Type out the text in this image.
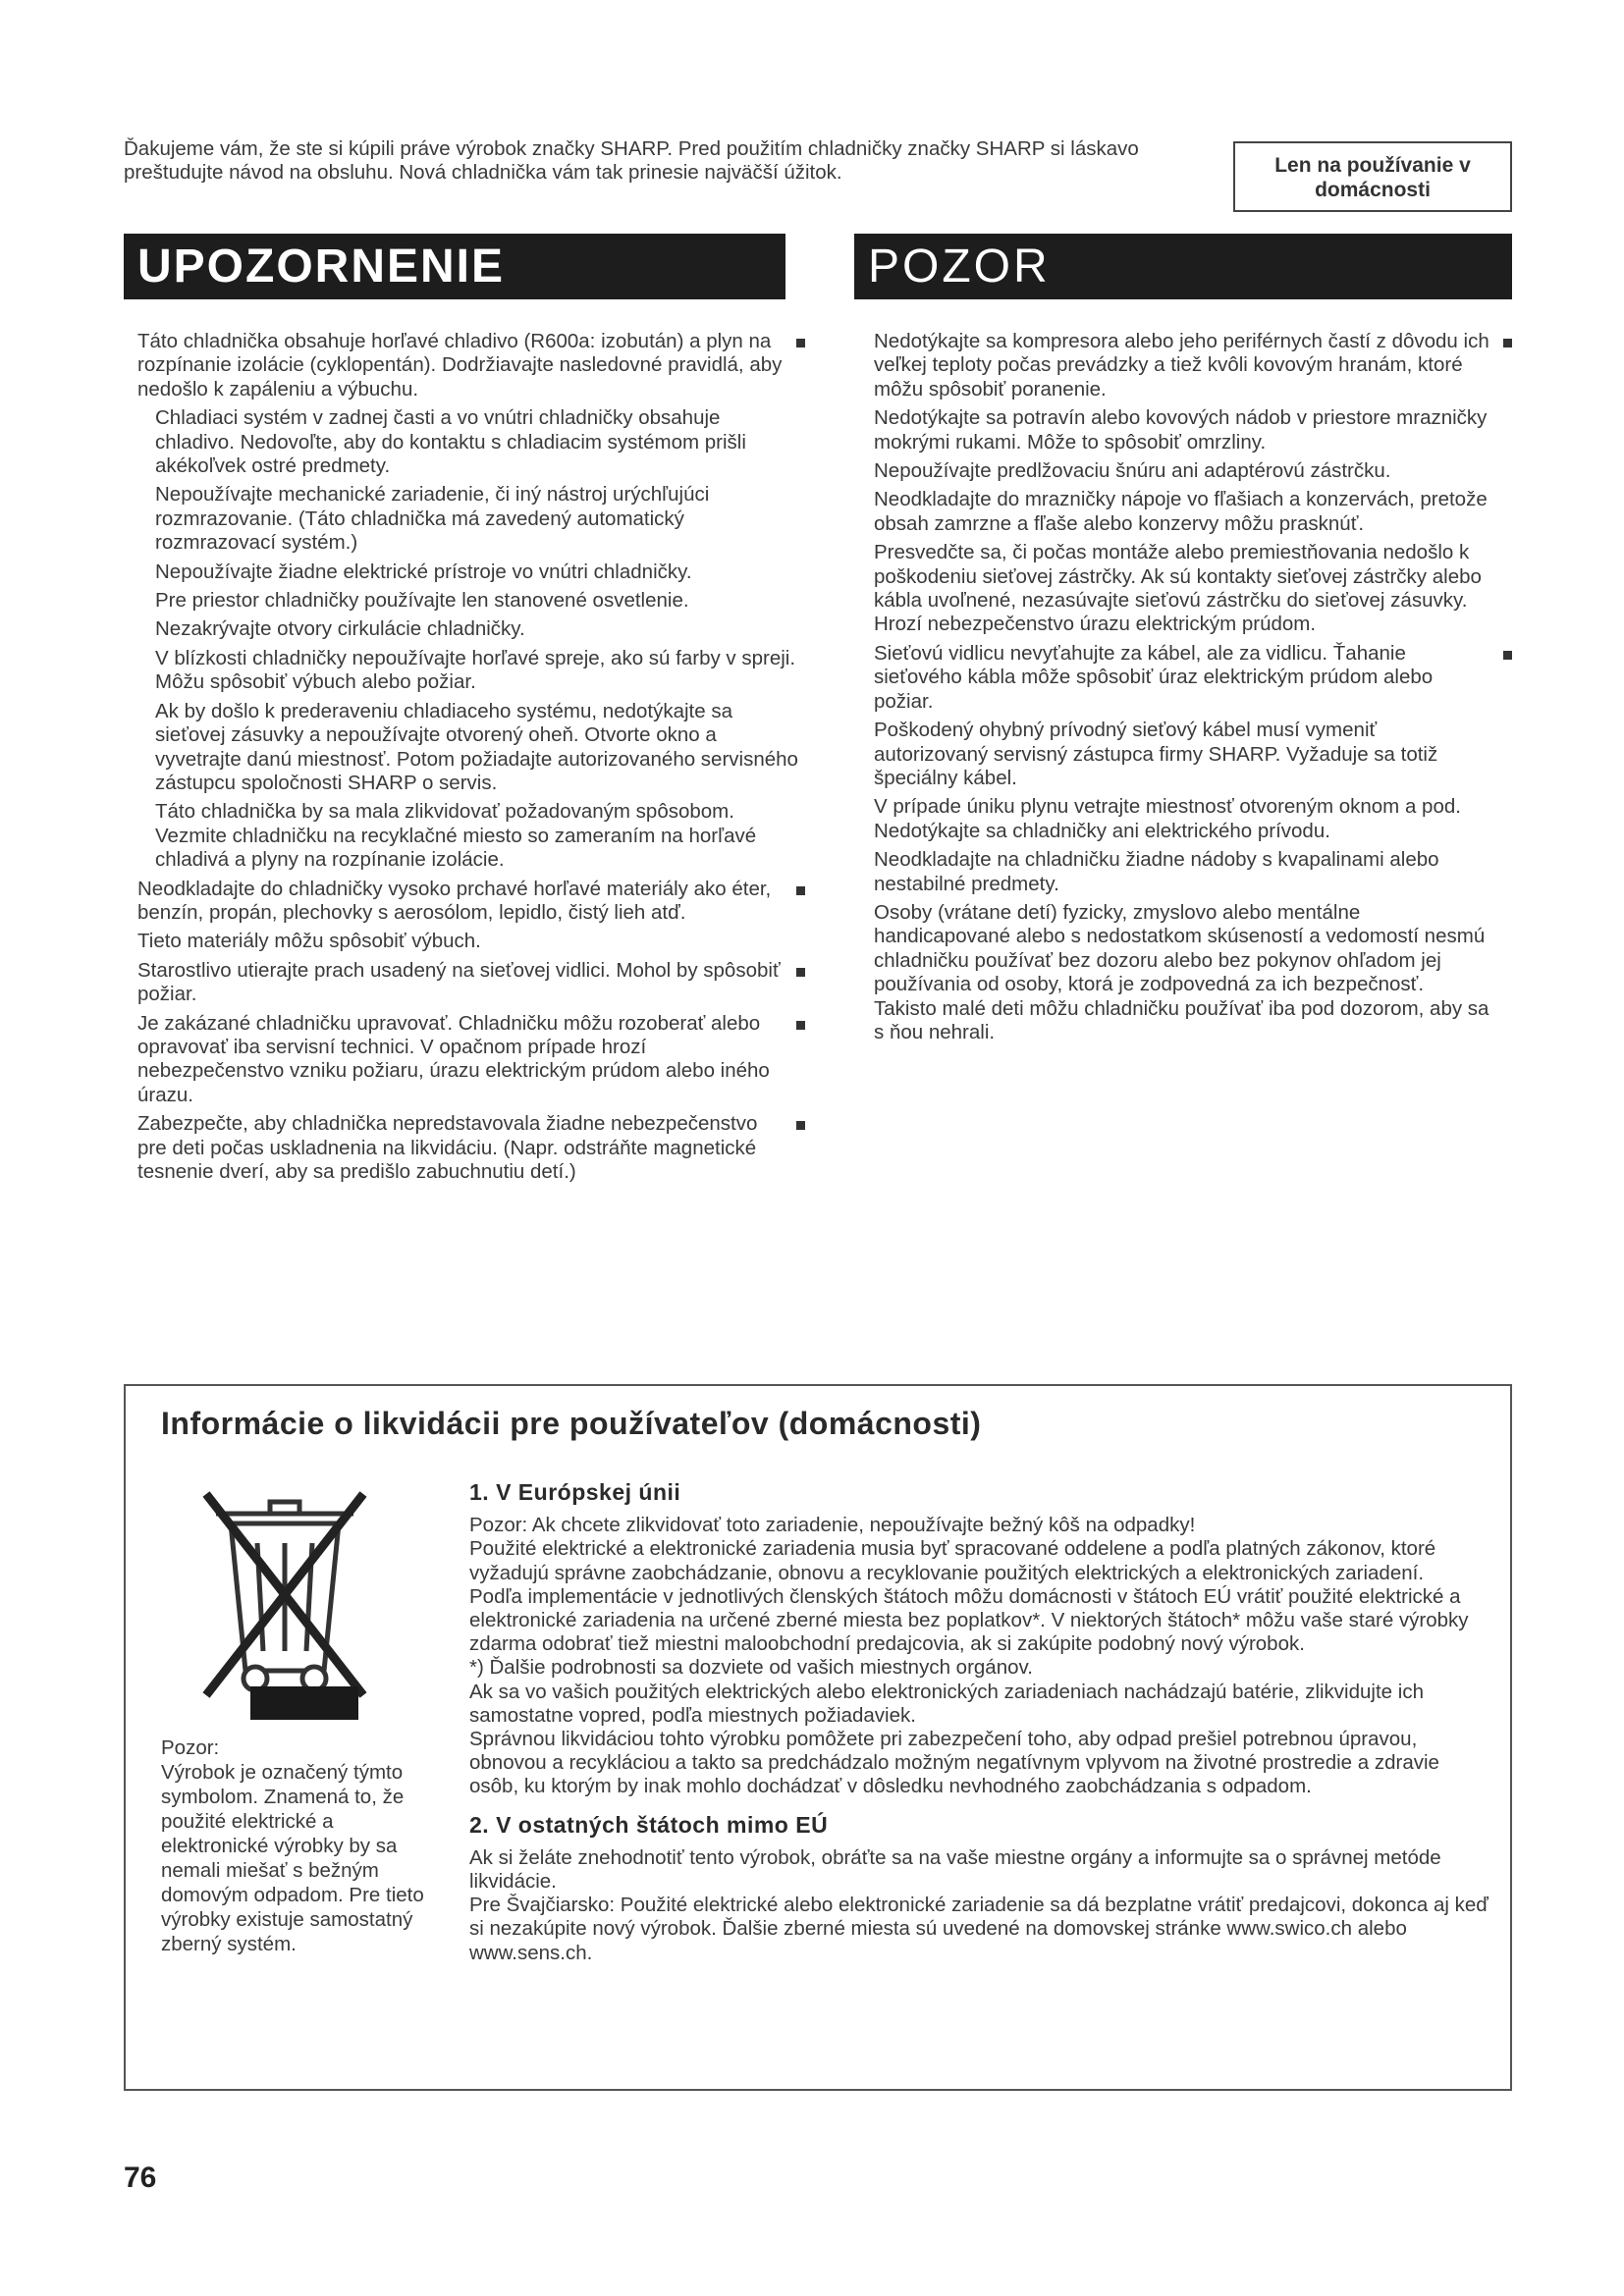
Ďakujeme vám, že ste si kúpili práve výrobok značky SHARP. Pred použitím chladničky značky SHARP si láskavo preštudujte návod na obsluhu. Nová chladnička vám tak prinesie najväčší úžitok.	Len na používanie v domácnosti
UPOZORNENIE	POZOR

Táto chladnička obsahuje horľavé chladivo (R600a: izobután) a plyn na rozpínanie izolácie (cyklopentán). Dodržiavajte nasledovné pravidlá, aby nedošlo k zapáleniu a výbuchu.

Chladiaci systém v zadnej časti a vo vnútri chladničky obsahuje chladivo. Nedovoľte, aby do kontaktu s chladiacim systémom prišli akékoľvek ostré predmety.

Nepoužívajte mechanické zariadenie, či iný nástroj urýchľujúci rozmrazovanie. (Táto chladnička má zavedený automatický rozmrazovací systém.)

Nepoužívajte žiadne elektrické prístroje vo vnútri chladničky.

Pre priestor chladničky používajte len stanovené osvetlenie.

Nezakrývajte otvory cirkulácie chladničky.

V blízkosti chladničky nepoužívajte horľavé spreje, ako sú farby v spreji. Môžu spôsobiť výbuch alebo požiar.

Ak by došlo k prederaveniu chladiaceho systému, nedotýkajte sa sieťovej zásuvky a nepoužívajte otvorený oheň. Otvorte okno a vyvetrajte danú miestnosť. Potom požiadajte autorizovaného servisného zástupcu spoločnosti SHARP o servis.

Táto chladnička by sa mala zlikvidovať požadovaným spôsobom. Vezmite chladničku na recyklačné miesto so zameraním na horľavé chladivá a plyny na rozpínanie izolácie.

Neodkladajte do chladničky vysoko prchavé horľavé materiály ako éter, benzín, propán, plechovky s aerosólom, lepidlo, čistý lieh atď.

Tieto materiály môžu spôsobiť výbuch.

Starostlivo utierajte prach usadený na sieťovej vidlici. Mohol by spôsobiť požiar.

Je zakázané chladničku upravovať. Chladničku môžu rozoberať alebo opravovať iba servisní technici. V opačnom prípade hrozí nebezpečenstvo vzniku požiaru, úrazu elektrickým prúdom alebo iného úrazu.

Zabezpečte, aby chladnička nepredstavovala žiadne nebezpečenstvo pre deti počas uskladnenia na likvidáciu. (Napr. odstráňte magnetické tesnenie dverí, aby sa predišlo zabuchnutiu detí.)

Nedotýkajte sa kompresora alebo jeho periférnych častí z dôvodu ich veľkej teploty počas prevádzky a tiež kvôli kovovým hranám, ktoré môžu spôsobiť poranenie.

Nedotýkajte sa potravín alebo kovových nádob v priestore mrazničky mokrými rukami. Môže to spôsobiť omrzliny.

Nepoužívajte predlžovaciu šnúru ani adaptérovú zástrčku.

Neodkladajte do mrazničky nápoje vo fľašiach a konzervách, pretože obsah zamrzne a fľaše alebo konzervy môžu prasknúť.

Presvedčte sa, či počas montáže alebo premiestňovania nedošlo k poškodeniu sieťovej zástrčky. Ak sú kontakty sieťovej zástrčky alebo kábla uvoľnené, nezasúvajte sieťovú zástrčku do sieťovej zásuvky. Hrozí nebezpečenstvo úrazu elektrickým prúdom.

Sieťovú vidlicu nevyťahujte za kábel, ale za vidlicu. Ťahanie sieťového kábla môže spôsobiť úraz elektrickým prúdom alebo požiar.

Poškodený ohybný prívodný sieťový kábel musí vymeniť autorizovaný servisný zástupca firmy SHARP. Vyžaduje sa totiž špeciálny kábel.

V prípade úniku plynu vetrajte miestnosť otvoreným oknom a pod. Nedotýkajte sa chladničky ani elektrického prívodu.

Neodkladajte na chladničku žiadne nádoby s kvapalinami alebo nestabilné predmety.

Osoby (vrátane detí) fyzicky, zmyslovo alebo mentálne handicapované alebo s nedostatkom skúseností a vedomostí nesmú chladničku používať bez dozoru alebo bez pokynov ohľadom jej používania od osoby, ktorá je zodpovedná za ich bezpečnosť. Takisto malé deti môžu chladničku používať iba pod dozorom, aby sa s ňou nehrali.

Informácie o likvidácii pre používateľov (domácnosti)

Pozor:
Výrobok je označený týmto symbolom. Znamená to, že použité elektrické a elektronické výrobky by sa nemali miešať s bežným domovým odpadom. Pre tieto výrobky existuje samostatný zberný systém.

1. V Európskej únii

Pozor: Ak chcete zlikvidovať toto zariadenie, nepoužívajte bežný kôš na odpadky!

Použité elektrické a elektronické zariadenia musia byť spracované oddelene a podľa platných zákonov, ktoré vyžadujú správne zaobchádzanie, obnovu a recyklovanie použitých elektrických a elektronických zariadení.

Podľa implementácie v jednotlivých členských štátoch môžu domácnosti v štátoch EÚ vrátiť použité elektrické a elektronické zariadenia na určené zberné miesta bez poplatkov*. V niektorých štátoch* môžu vaše staré výrobky zdarma odobrať tiež miestni maloobchodní predajcovia, ak si zakúpite podobný nový výrobok.

*) Ďalšie podrobnosti sa dozviete od vašich miestnych orgánov.

Ak sa vo vašich použitých elektrických alebo elektronických zariadeniach nachádzajú batérie, zlikvidujte ich samostatne vopred, podľa miestnych požiadaviek.

Správnou likvidáciou tohto výrobku pomôžete pri zabezpečení toho, aby odpad prešiel potrebnou úpravou, obnovou a recykláciou a takto sa predchádzalo možným negatívnym vplyvom na životné prostredie a zdravie osôb, ku ktorým by inak mohlo dochádzať v dôsledku nevhodného zaobchádzania s odpadom.

2. V ostatných štátoch mimo EÚ

Ak si želáte znehodnotiť tento výrobok, obráťte sa na vaše miestne orgány a informujte sa o správnej metóde likvidácie.

Pre Švajčiarsko: Použité elektrické alebo elektronické zariadenie sa dá bezplatne vrátiť predajcovi, dokonca aj keď si nezakúpite nový výrobok. Ďalšie zberné miesta sú uvedené na domovskej stránke www.swico.ch alebo www.sens.ch.

76
